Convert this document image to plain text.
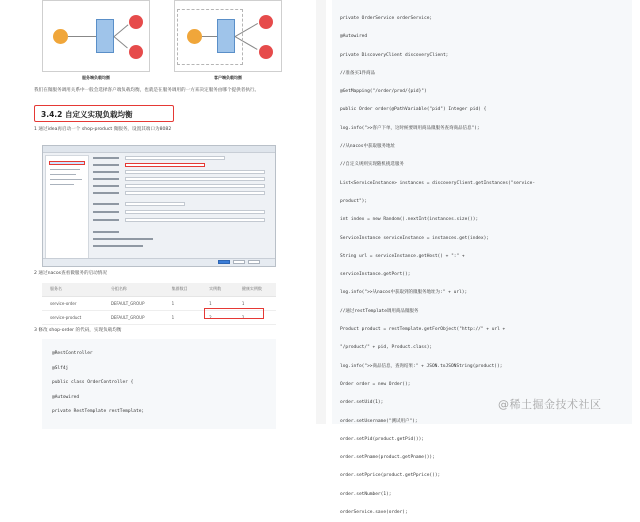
服务端负载均衡	客户端负载均衡
我们在微服务调用关系中一般会选择客户端负载均衡，也就是在服务调用的一方来决定服务由哪个提供者执行。
3.4.2 自定义实现负载均衡
1 通过idea再启动一个 shop-product 微服务，设置其端口为8082
2 通过nacos查看微服务的启动情况
服务名	分组名称	集群数目	实例数	健康实例数
service-order	DEFAULT_GROUP	1	1	1
service-product	DEFAULT_GROUP	1	2	2
3 修改 shop-order 的代码，实现负载均衡
@RestController
@Slf4j
public class OrderController {
@Autowired
private RestTemplate restTemplate;
private OrderService orderService;
@Autowired
private DiscoveryClient discoveryClient;
//准备买1件商品
@GetMapping("/order/prod/{pid}")
public Order order(@PathVariable("pid") Integer pid) {
log.info(">>客户下单，这时候要调用商品微服务查询商品信息");
//从nacos中获取服务地址
//自定义规则实现随机挑选服务
List<ServiceInstance> instances = discoveryClient.getInstances("service-
product");
int index = new Random().nextInt(instances.size());
ServiceInstance serviceInstance = instances.get(index);
String url = serviceInstance.getHost() + ":" +
serviceInstance.getPort();
log.info(">>从nacos中获取到的微服务地址为:" + url);
//通过restTemplate调用商品微服务
Product product = restTemplate.getForObject("http://" + url +
"/product/" + pid, Product.class);
log.info(">>商品信息，查询结果:" + JSON.toJSONString(product));
Order order = new Order();
order.setUid(1);
order.setUsername("测试用户");
order.setPid(product.getPid());
order.setPname(product.getPname());
order.setPprice(product.getPprice());
order.setNumber(1);
orderService.save(order);
@稀土掘金技术社区
